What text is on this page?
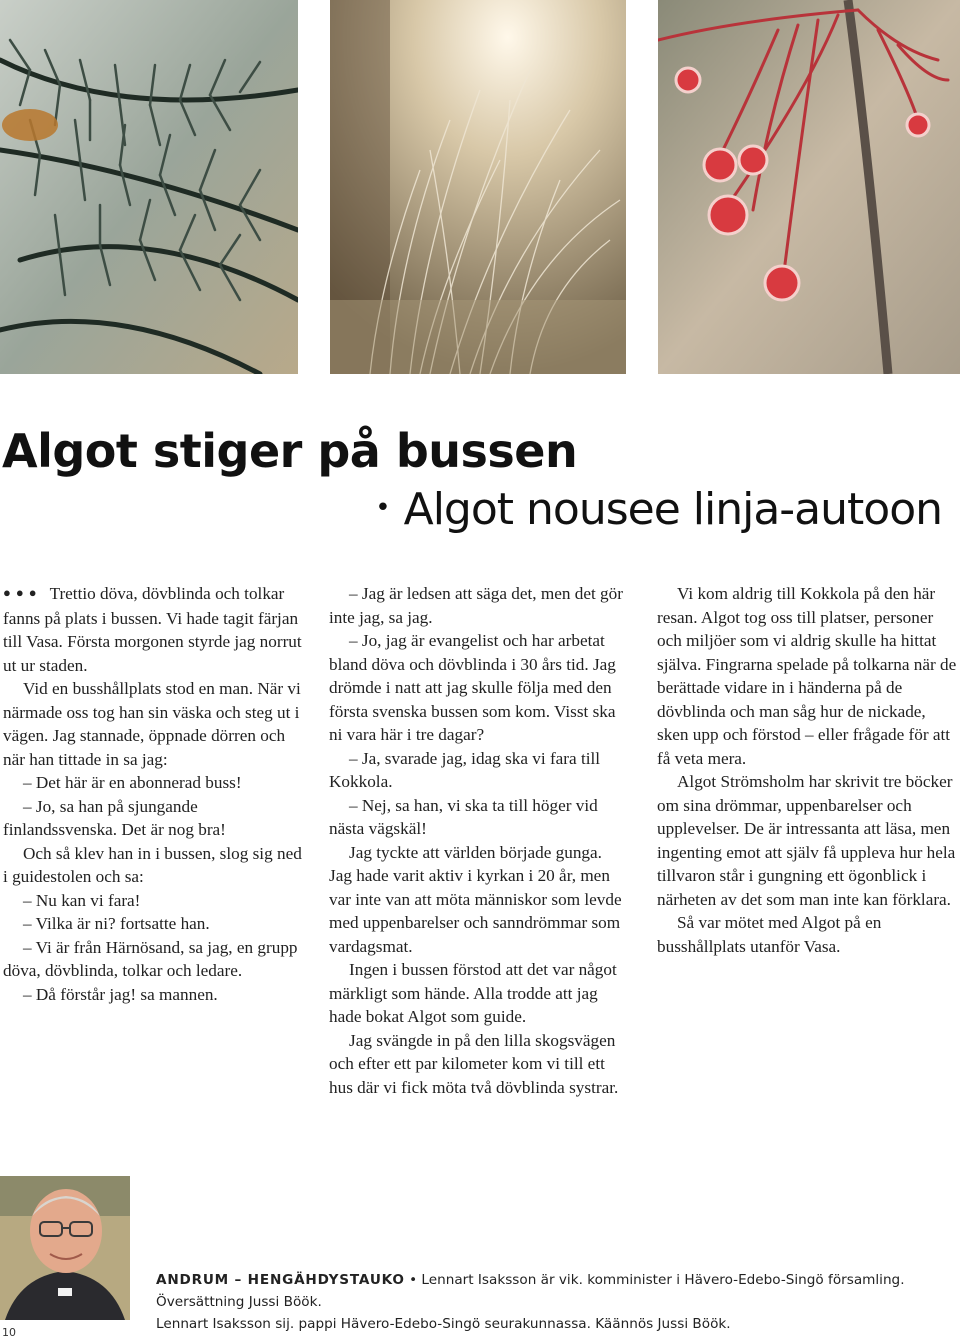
Algot stiger på bussen
• Algot nousee linja-autoon

●●● Trettio döva, dövblinda och tolkar fanns på plats i bussen. Vi hade tagit färjan till Vasa. Första morgonen styrde jag norrut ut ur staden.

Vid en busshållplats stod en man. När vi närmade oss tog han sin väska och steg ut i vägen. Jag stannade, öppnade dörren och när han tittade in sa jag:

– Det här är en abonnerad buss!

– Jo, sa han på sjungande finlandssvenska. Det är nog bra!

Och så klev han in i bussen, slog sig ned i guidestolen och sa:

– Nu kan vi fara!

– Vilka är ni? fortsatte han.

– Vi är från Härnösand, sa jag, en grupp döva, dövblinda, tolkar och ledare.

– Då förstår jag! sa mannen.

– Jag är ledsen att säga det, men det gör inte jag, sa jag.

– Jo, jag är evangelist och har arbetat bland döva och dövblinda i 30 års tid. Jag drömde i natt att jag skulle följa med den första svenska bussen som kom. Visst ska ni vara här i tre dagar?

– Ja, svarade jag, idag ska vi fara till Kokkola.

– Nej, sa han, vi ska ta till höger vid nästa vägskäl!

Jag tyckte att världen började gunga. Jag hade varit aktiv i kyrkan i 20 år, men var inte van att möta människor som levde med uppenbarelser och sanndrömmar som vardagsmat.

Ingen i bussen förstod att det var något märkligt som hände. Alla trodde att jag hade bokat Algot som guide.

Jag svängde in på den lilla skogsvägen och efter ett par kilometer kom vi till ett hus där vi fick möta två dövblinda systrar.

Vi kom aldrig till Kokkola på den här resan. Algot tog oss till platser, personer och miljöer som vi aldrig skulle ha hittat själva. Fingrarna spelade på tolkarna när de berättade vidare in i händerna på de dövblinda och man såg hur de nickade, sken upp och förstod – eller frågade för att få veta mera.

Algot Strömsholm har skrivit tre böcker om sina drömmar, uppenbarelser och upplevelser. De är intressanta att läsa, men ingenting emot att själv få uppleva hur hela tillvaron står i gungning ett ögonblick i närheten av det som man inte kan förklara.

Så var mötet med Algot på en busshållplats utanför Vasa.

ANDRUM – HENGÄHDYSTAUKO • Lennart Isaksson är vik. komminister i Hävero-Edebo-Singö församling. Översättning Jussi Böök.
Lennart Isaksson sij. pappi Hävero-Edebo-Singö seurakunnassa. Käännös Jussi Böök.
10
